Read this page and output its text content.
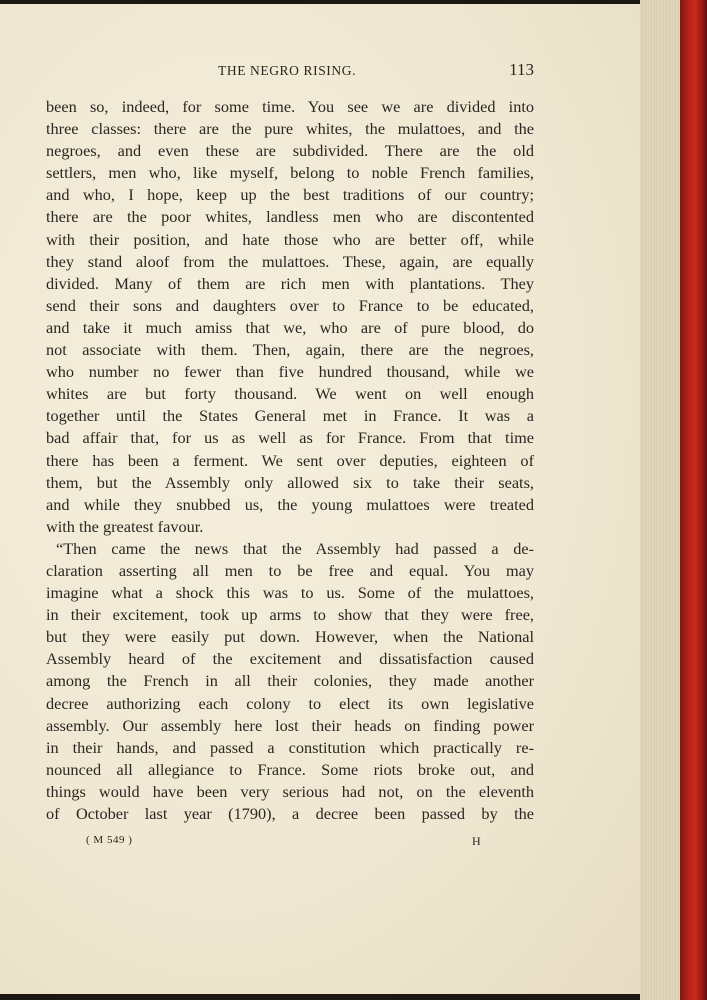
THE NEGRO RISING.	113
been so, indeed, for some time. You see we are divided into
three classes: there are the pure whites, the mulattoes, and the
negroes, and even these are subdivided. There are the old
settlers, men who, like myself, belong to noble French families,
and who, I hope, keep up the best traditions of our country;
there are the poor whites, landless men who are discontented
with their position, and hate those who are better off, while
they stand aloof from the mulattoes. These, again, are equally
divided. Many of them are rich men with plantations. They
send their sons and daughters over to France to be educated,
and take it much amiss that we, who are of pure blood, do
not associate with them. Then, again, there are the negroes,
who number no fewer than five hundred thousand, while we
whites are but forty thousand. We went on well enough
together until the States General met in France. It was a
bad affair that, for us as well as for France. From that time
there has been a ferment. We sent over deputies, eighteen of
them, but the Assembly only allowed six to take their seats,
and while they snubbed us, the young mulattoes were treated
with the greatest favour.
“Then came the news that the Assembly had passed a de-
claration asserting all men to be free and equal. You may
imagine what a shock this was to us. Some of the mulattoes,
in their excitement, took up arms to show that they were free,
but they were easily put down. However, when the National
Assembly heard of the excitement and dissatisfaction caused
among the French in all their colonies, they made another
decree authorizing each colony to elect its own legislative
assembly. Our assembly here lost their heads on finding power
in their hands, and passed a constitution which practically re-
nounced all allegiance to France. Some riots broke out, and
things would have been very serious had not, on the eleventh
of October last year (1790), a decree been passed by the
( M 549 )	H
